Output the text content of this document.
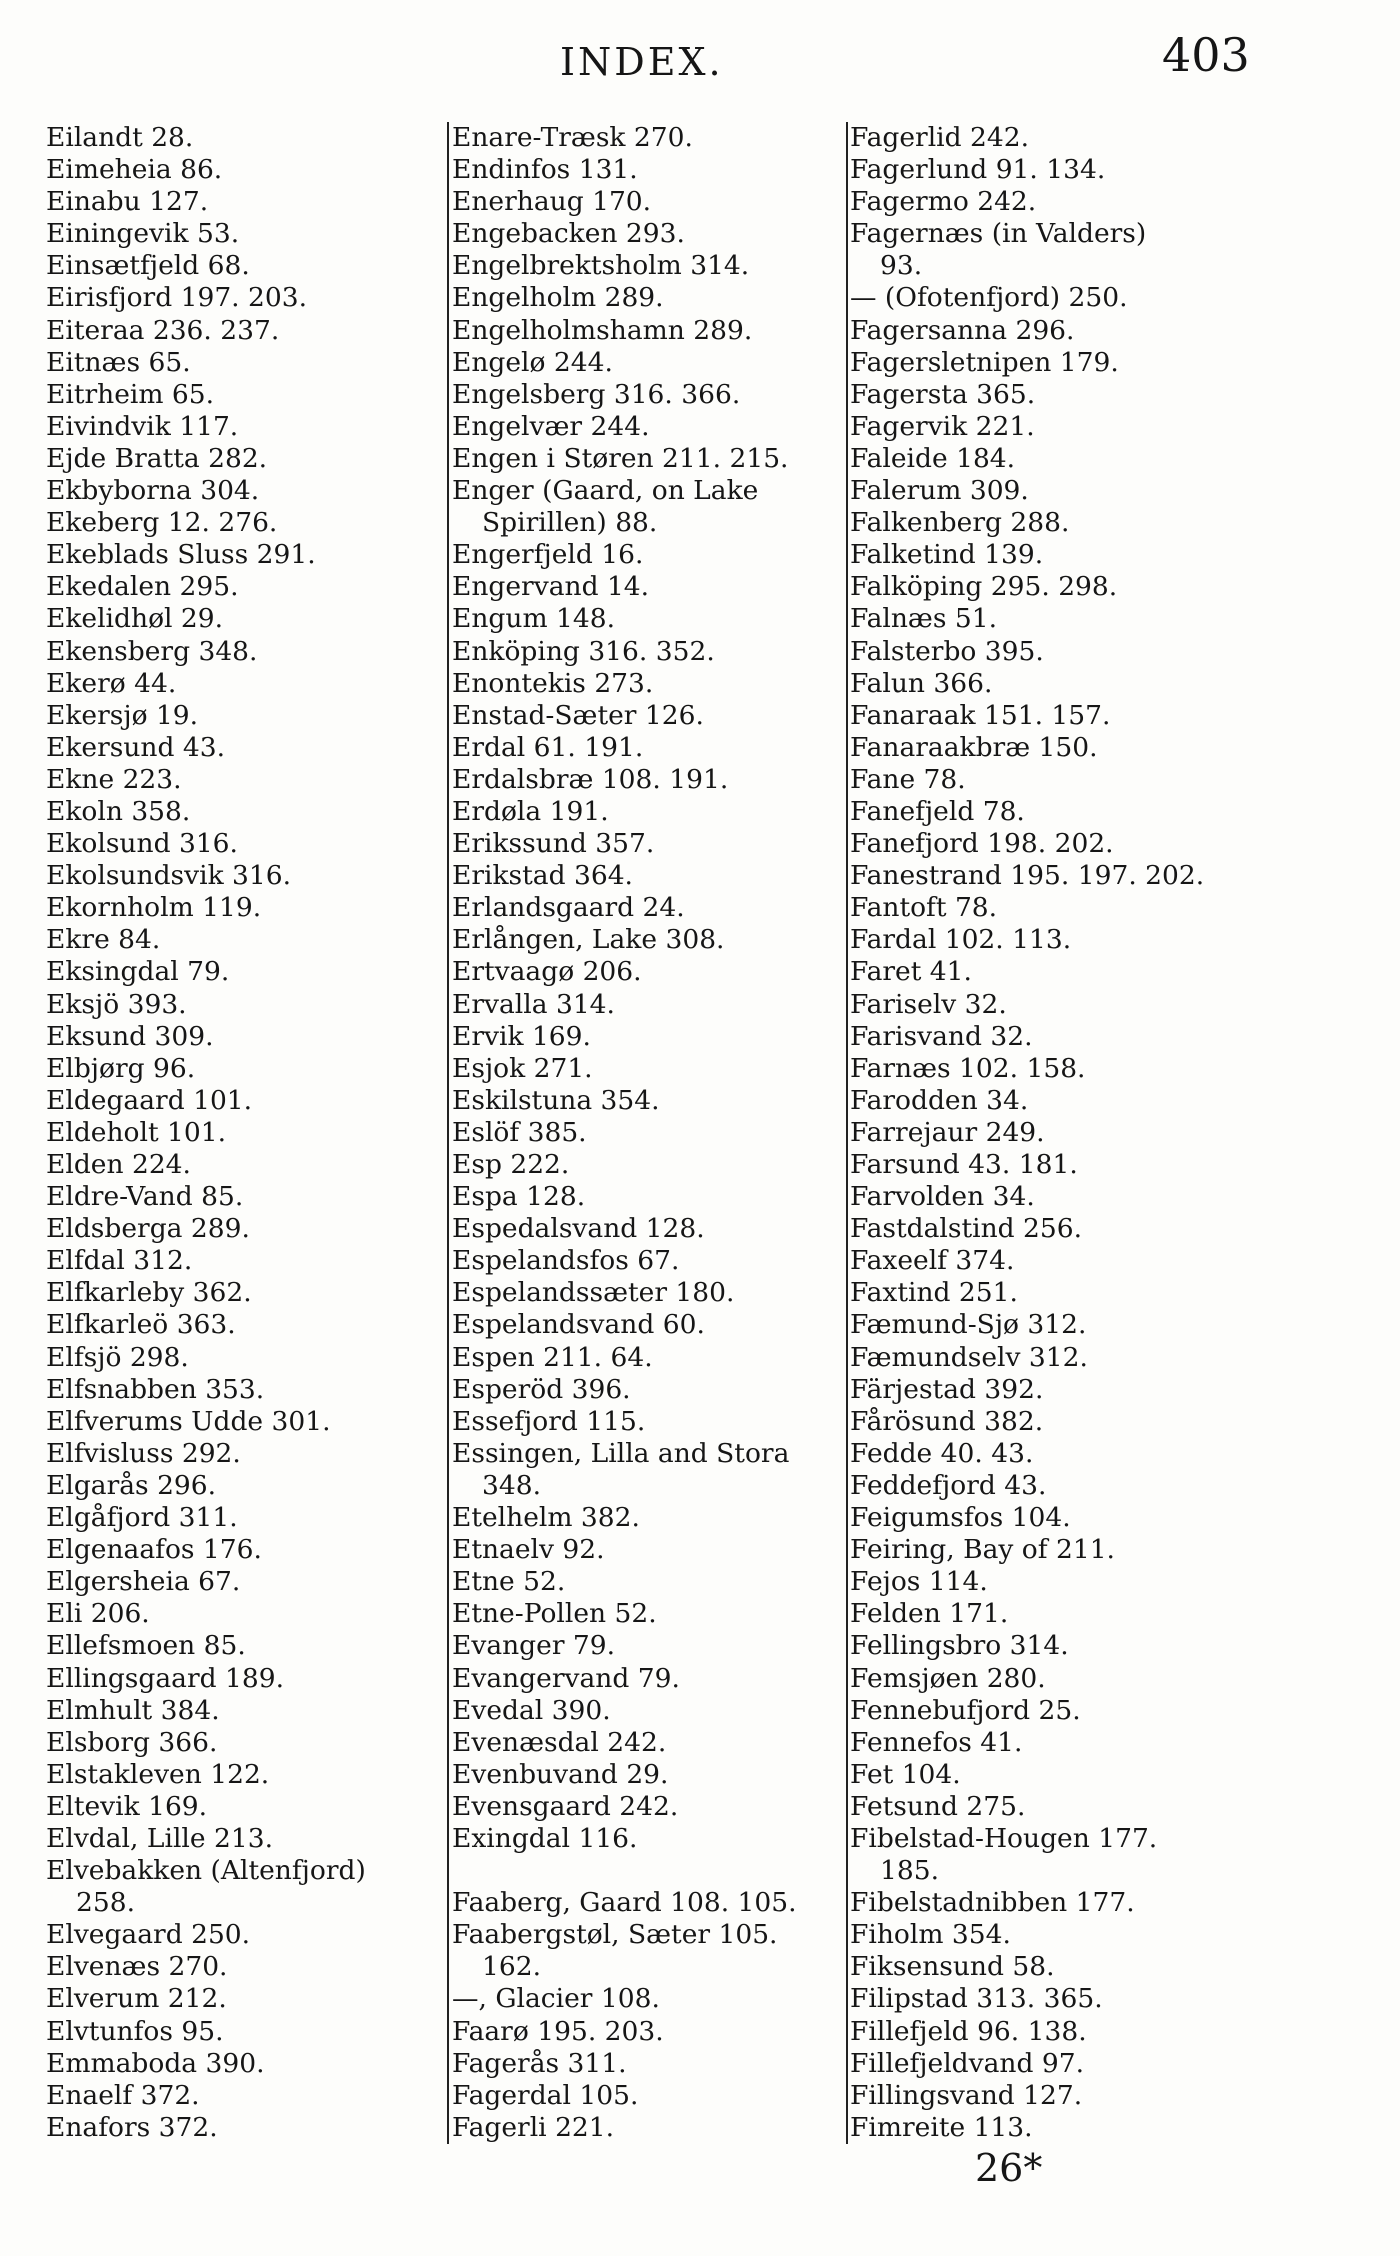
INDEX.	403
Eilandt 28.
Eimeheia 86.
Einabu 127.
Einingevik 53.
Einsætfjeld 68.
Eirisfjord 197. 203.
Eiteraa 236. 237.
Eitnæs 65.
Eitrheim 65.
Eivindvik 117.
Ejde Bratta 282.
Ekbyborna 304.
Ekeberg 12. 276.
Ekeblads Sluss 291.
Ekedalen 295.
Ekelidhøl 29.
Ekensberg 348.
Ekerø 44.
Ekersjø 19.
Ekersund 43.
Ekne 223.
Ekoln 358.
Ekolsund 316.
Ekolsundsvik 316.
Ekornholm 119.
Ekre 84.
Eksingdal 79.
Eksjö 393.
Eksund 309.
Elbjørg 96.
Eldegaard 101.
Eldeholt 101.
Elden 224.
Eldre-Vand 85.
Eldsberga 289.
Elfdal 312.
Elfkarleby 362.
Elfkarleö 363.
Elfsjö 298.
Elfsnabben 353.
Elfverums Udde 301.
Elfvisluss 292.
Elgarås 296.
Elgåfjord 311.
Elgenaafos 176.
Elgersheia 67.
Eli 206.
Ellefsmoen 85.
Ellingsgaard 189.
Elmhult 384.
Elsborg 366.
Elstakleven 122.
Eltevik 169.
Elvdal, Lille 213.
Elvebakken (Altenfjord)
258.
Elvegaard 250.
Elvenæs 270.
Elverum 212.
Elvtunfos 95.
Emmaboda 390.
Enaelf 372.
Enafors 372.
Enare-Træsk 270.
Endinfos 131.
Enerhaug 170.
Engebacken 293.
Engelbrektsholm 314.
Engelholm 289.
Engelholmshamn 289.
Engelø 244.
Engelsberg 316. 366.
Engelvær 244.
Engen i Støren 211. 215.
Enger (Gaard, on Lake
Spirillen) 88.
Engerfjeld 16.
Engervand 14.
Engum 148.
Enköping 316. 352.
Enontekis 273.
Enstad-Sæter 126.
Erdal 61. 191.
Erdalsbræ 108. 191.
Erdøla 191.
Erikssund 357.
Erikstad 364.
Erlandsgaard 24.
Erlången, Lake 308.
Ertvaagø 206.
Ervalla 314.
Ervik 169.
Esjok 271.
Eskilstuna 354.
Eslöf 385.
Esp 222.
Espa 128.
Espedalsvand 128.
Espelandsfos 67.
Espelandssæter 180.
Espelandsvand 60.
Espen 211. 64.
Esperöd 396.
Essefjord 115.
Essingen, Lilla and Stora
348.
Etelhelm 382.
Etnaelv 92.
Etne 52.
Etne-Pollen 52.
Evanger 79.
Evangervand 79.
Evedal 390.
Evenæsdal 242.
Evenbuvand 29.
Evensgaard 242.
Exingdal 116.
Faaberg, Gaard 108. 105.
Faabergstøl, Sæter 105.
162.
—, Glacier 108.
Faarø 195. 203.
Fagerås 311.
Fagerdal 105.
Fagerli 221.
Fagerlid 242.
Fagerlund 91. 134.
Fagermo 242.
Fagernæs (in Valders)
93.
— (Ofotenfjord) 250.
Fagersanna 296.
Fagersletnipen 179.
Fagersta 365.
Fagervik 221.
Faleide 184.
Falerum 309.
Falkenberg 288.
Falketind 139.
Falköping 295. 298.
Falnæs 51.
Falsterbo 395.
Falun 366.
Fanaraak 151. 157.
Fanaraakbræ 150.
Fane 78.
Fanefjeld 78.
Fanefjord 198. 202.
Fanestrand 195. 197. 202.
Fantoft 78.
Fardal 102. 113.
Faret 41.
Fariselv 32.
Farisvand 32.
Farnæs 102. 158.
Farodden 34.
Farrejaur 249.
Farsund 43. 181.
Farvolden 34.
Fastdalstind 256.
Faxeelf 374.
Faxtind 251.
Fæmund-Sjø 312.
Fæmundselv 312.
Färjestad 392.
Fårösund 382.
Fedde 40. 43.
Feddefjord 43.
Feigumsfos 104.
Feiring, Bay of 211.
Fejos 114.
Felden 171.
Fellingsbro 314.
Femsjøen 280.
Fennebufjord 25.
Fennefos 41.
Fet 104.
Fetsund 275.
Fibelstad-Hougen 177.
185.
Fibelstadnibben 177.
Fiholm 354.
Fiksensund 58.
Filipstad 313. 365.
Fillefjeld 96. 138.
Fillefjeldvand 97.
Fillingsvand 127.
Fimreite 113.
26*
